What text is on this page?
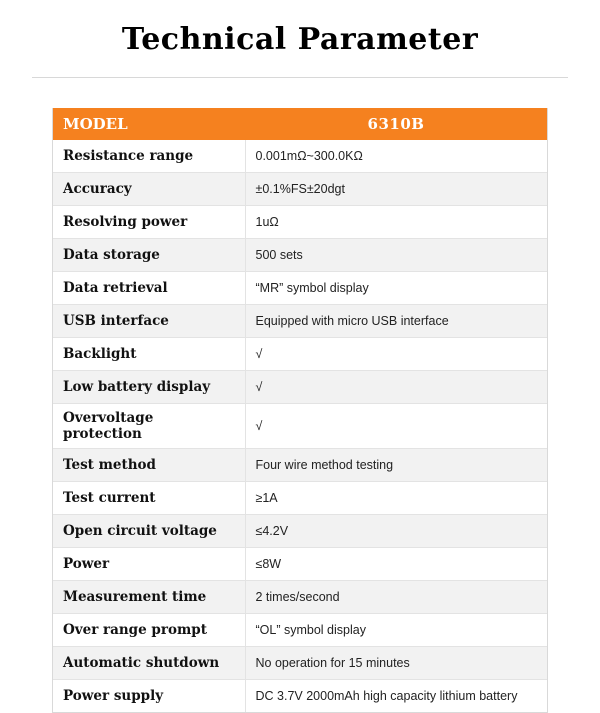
Technical Parameter
MODEL	6310B
Resistance range	0.001mΩ~300.0KΩ
Accuracy	±0.1%FS±20dgt
Resolving power	1uΩ
Data storage	500 sets
Data retrieval	“MR” symbol display
USB interface	Equipped with micro USB interface
Backlight	√
Low battery display	√
Overvoltage protection	√
Test method	Four wire method testing
Test current	≥1A
Open circuit voltage	≤4.2V
Power	≤8W
Measurement time	2 times/second
Over range prompt	“OL” symbol display
Automatic shutdown	No operation for 15 minutes
Power supply	DC 3.7V 2000mAh high capacity lithium battery
